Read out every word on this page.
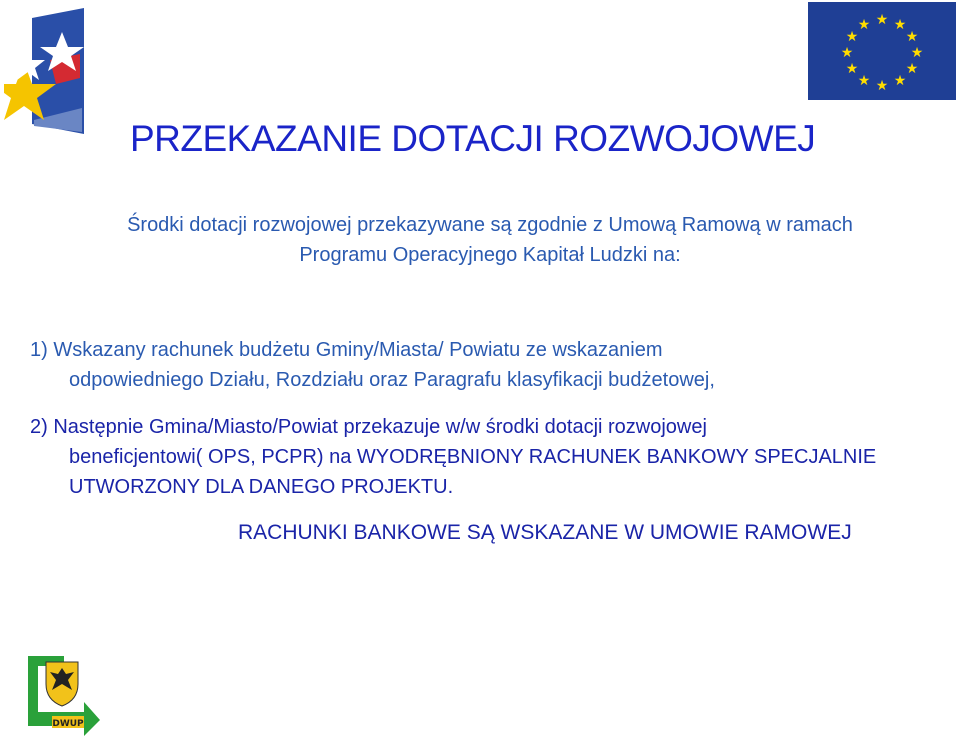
★ ★
★
★
★
★
★
★
★
★
★
★
PRZEKAZANIE DOTACJI ROZWOJOWEJ

Środki dotacji rozwojowej przekazywane są zgodnie z Umową Ramową w ramach
Programu Operacyjnego Kapitał Ludzki na:

1) Wskazany rachunek budżetu Gminy/Miasta/ Powiatu ze wskazaniem
odpowiedniego Działu, Rozdziału oraz Paragrafu klasyfikacji budżetowej,

2) Następnie Gmina/Miasto/Powiat przekazuje w/w środki dotacji rozwojowej
beneficjentowi( OPS, PCPR) na WYODRĘBNIONY RACHUNEK BANKOWY SPECJALNIE
UTWORZONY DLA DANEGO PROJEKTU.

RACHUNKI BANKOWE SĄ WSKAZANE W UMOWIE RAMOWEJ

DWUP
